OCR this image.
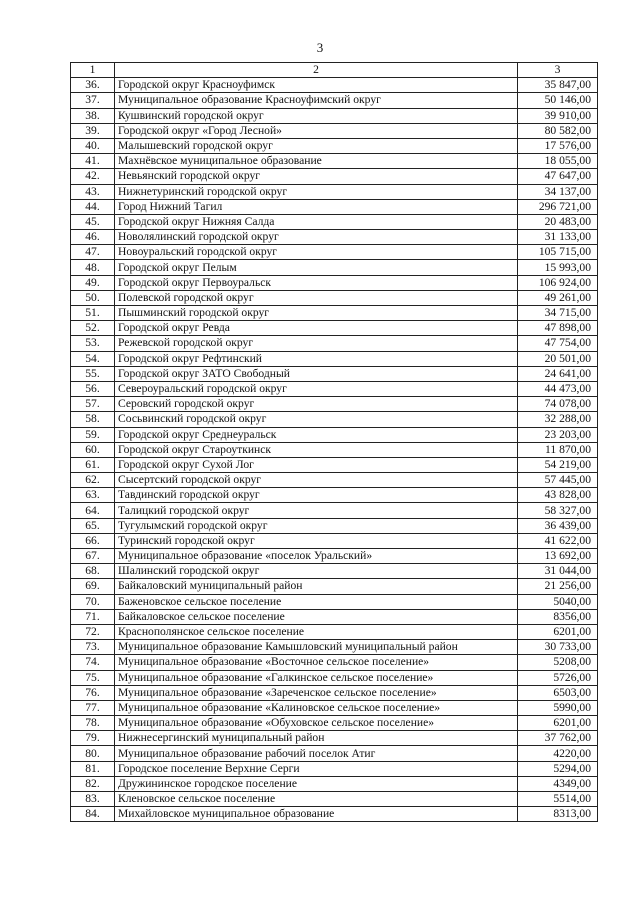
3
1	2	3
36.	Городской округ Красноуфимск	35 847,00
37.	Муниципальное образование Красноуфимский округ	50 146,00
38.	Кушвинский городской округ	39 910,00
39.	Городской округ «Город Лесной»	80 582,00
40.	Малышевский городской округ	17 576,00
41.	Махнёвское муниципальное образование	18 055,00
42.	Невьянский городской округ	47 647,00
43.	Нижнетуринский городской округ	34 137,00
44.	Город Нижний Тагил	296 721,00
45.	Городской округ Нижняя Салда	20 483,00
46.	Новолялинский городской округ	31 133,00
47.	Новоуральский городской округ	105 715,00
48.	Городской округ Пелым	15 993,00
49.	Городской округ Первоуральск	106 924,00
50.	Полевской городской округ	49 261,00
51.	Пышминский городской округ	34 715,00
52.	Городской округ Ревда	47 898,00
53.	Режевской городской округ	47 754,00
54.	Городской округ Рефтинский	20 501,00
55.	Городской округ ЗАТО Свободный	24 641,00
56.	Североуральский городской округ	44 473,00
57.	Серовский городской округ	74 078,00
58.	Сосьвинский городской округ	32 288,00
59.	Городской округ Среднеуральск	23 203,00
60.	Городской округ Староуткинск	11 870,00
61.	Городской округ Сухой Лог	54 219,00
62.	Сысертский городской округ	57 445,00
63.	Тавдинский городской округ	43 828,00
64.	Талицкий городской округ	58 327,00
65.	Тугулымский городской округ	36 439,00
66.	Туринский городской округ	41 622,00
67.	Муниципальное образование «поселок Уральский»	13 692,00
68.	Шалинский городской округ	31 044,00
69.	Байкаловский муниципальный район	21 256,00
70.	Баженовское сельское поселение	5040,00
71.	Байкаловское сельское поселение	8356,00
72.	Краснополянское сельское поселение	6201,00
73.	Муниципальное образование Камышловский муниципальный район	30 733,00
74.	Муниципальное образование «Восточное сельское поселение»	5208,00
75.	Муниципальное образование «Галкинское сельское поселение»	5726,00
76.	Муниципальное образование «Зареченское сельское поселение»	6503,00
77.	Муниципальное образование «Калиновское сельское поселение»	5990,00
78.	Муниципальное образование «Обуховское сельское поселение»	6201,00
79.	Нижнесергинский муниципальный район	37 762,00
80.	Муниципальное образование рабочий поселок Атиг	4220,00
81.	Городское поселение Верхние Серги	5294,00
82.	Дружининское городское поселение	4349,00
83.	Кленовское сельское поселение	5514,00
84.	Михайловское муниципальное образование	8313,00
